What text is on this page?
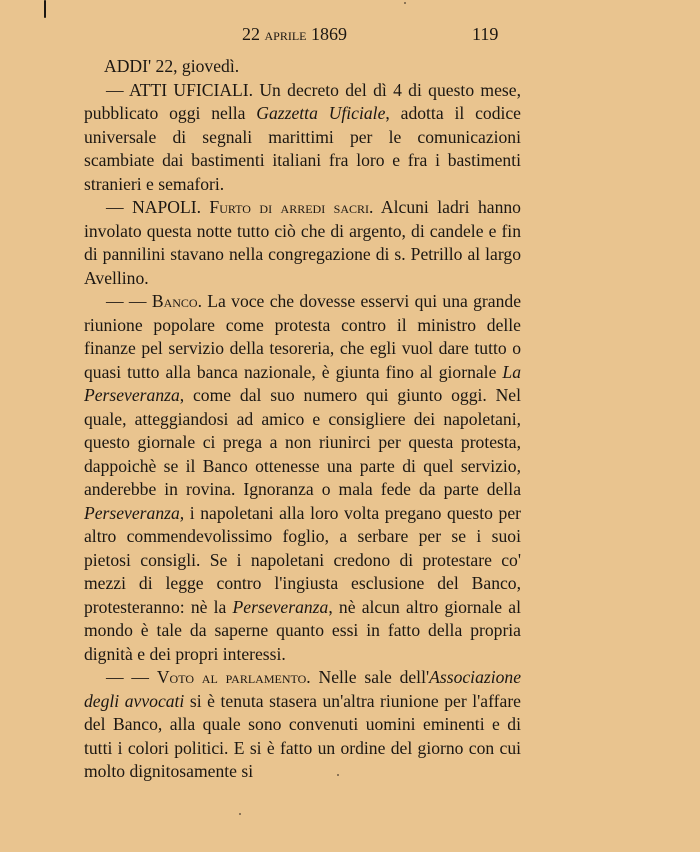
22 aprile 1869	119

ADDI' 22, giovedì.

— ATTI UFICIALI. Un decreto del dì 4 di questo mese, pubblicato oggi nella Gazzetta Uficiale, adotta il codice universale di segnali marittimi per le comunicazioni scambiate dai bastimenti italiani fra loro e fra i bastimenti stranieri e semafori.

— NAPOLI. Furto di arredi sacri. Alcuni ladri hanno involato questa notte tutto ciò che di argento, di candele e fin di pannilini stavano nella congregazione di s. Petrillo al largo Avellino.

— — Banco. La voce che dovesse esservi qui una grande riunione popolare come protesta contro il ministro delle finanze pel servizio della tesoreria, che egli vuol dare tutto o quasi tutto alla banca nazionale, è giunta fino al giornale La Perseveranza, come dal suo numero qui giunto oggi. Nel quale, atteggiandosi ad amico e consigliere dei napoletani, questo giornale ci prega a non riunirci per questa protesta, dappoichè se il Banco ottenesse una parte di quel servizio, anderebbe in rovina. Ignoranza o mala fede da parte della Perseveranza, i napoletani alla loro volta pregano questo per altro commendevolissimo foglio, a serbare per se i suoi pietosi consigli. Se i napoletani credono di protestare co' mezzi di legge contro l'ingiusta esclusione del Banco, protesteranno: nè la Perseveranza, nè alcun altro giornale al mondo è tale da saperne quanto essi in fatto della propria dignità e dei propri interessi.

— — Voto al parlamento. Nelle sale dell'Associazione degli avvocati si è tenuta stasera un'altra riunione per l'affare del Banco, alla quale sono convenuti uomini eminenti e di tutti i colori politici. E si è fatto un ordine del giorno con cui molto dignitosamente si
